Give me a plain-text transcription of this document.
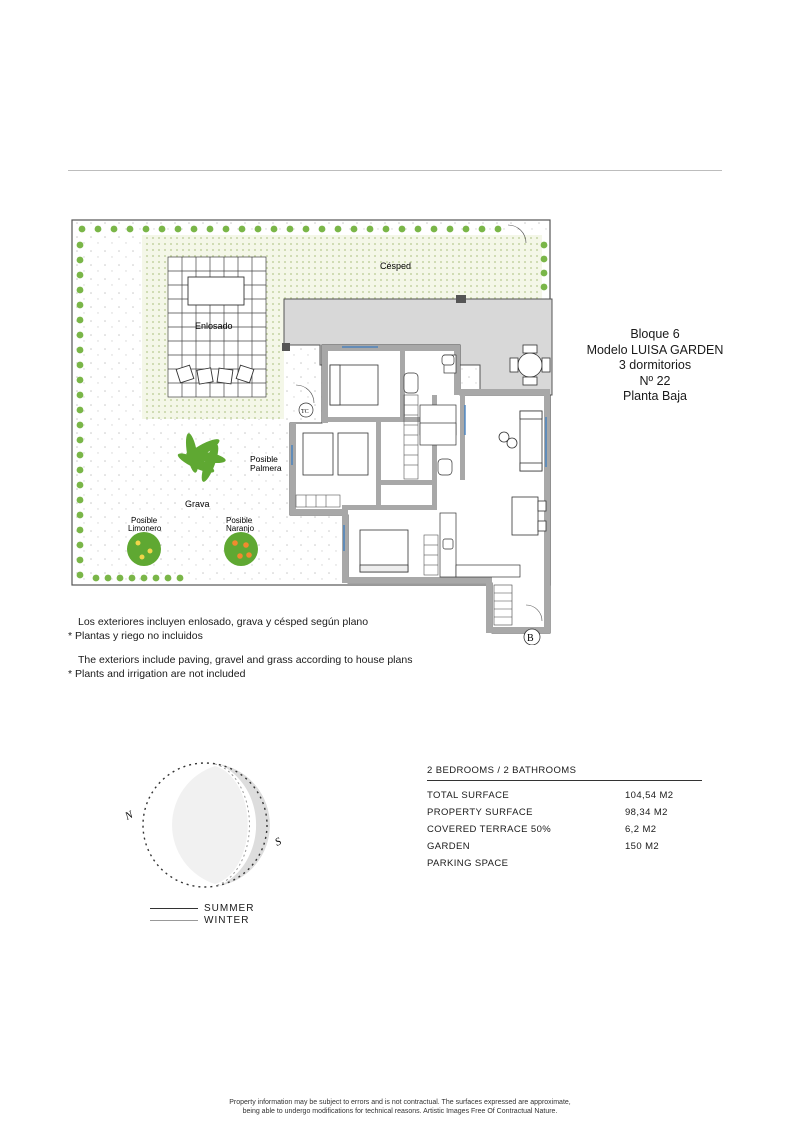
Césped
Enlosado
Posible
Palmera
Grava
Posible
Limonero
Posible
Naranjo
TC
B
Bloque 6
Modelo LUISA GARDEN
3 dormitorios
Nº 22
Planta Baja
Los exteriores incluyen enlosado, grava y césped según plano
* Plantas y riego no incluidos
The exteriors include paving, gravel and grass according to house plans
* Plants and irrigation are not included
N
S
SUMMER
WINTER
2 BEDROOMS / 2 BATHROOMS
TOTAL SURFACE	104,54 M2
PROPERTY SURFACE	98,34 M2
COVERED TERRACE 50%	6,2 M2
GARDEN	150 M2
PARKING SPACE
Property information may be subject to errors and is not contractual. The surfaces expressed are approximate,
being able to undergo modifications for technical reasons. Artistic Images Free Of Contractual Nature.
